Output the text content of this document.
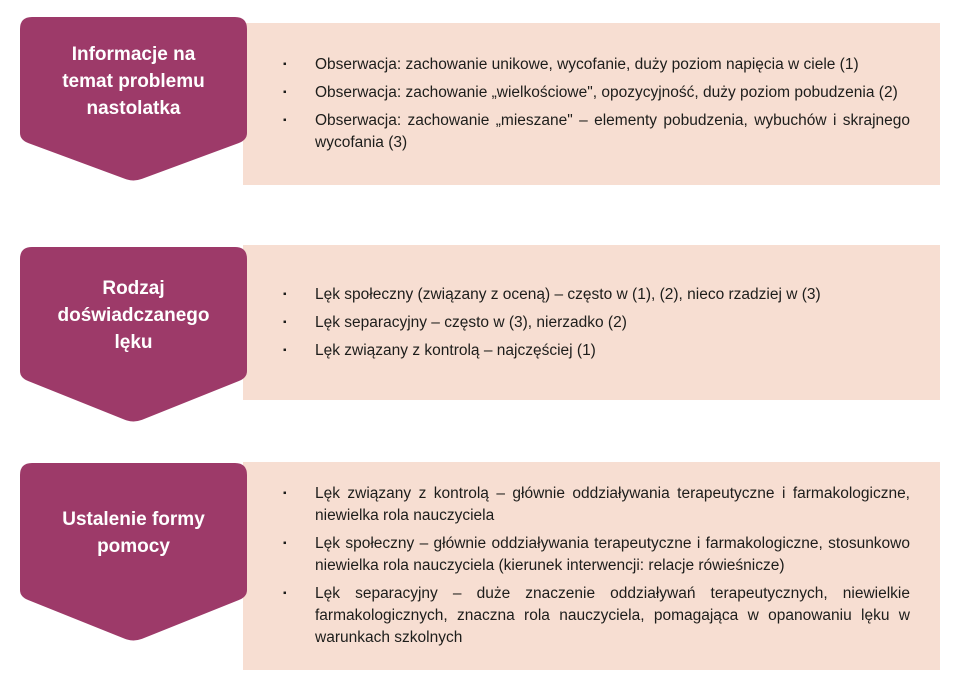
▪	Obserwacja: zachowanie unikowe, wycofanie, duży poziom napięcia w ciele (1)

▪	Obserwacja: zachowanie „wielkościowe", opozycyjność, duży poziom pobudzenia (2)

▪	Obserwacja: zachowanie „mieszane" – elementy pobudzenia, wybuchów i skrajnego wycofania (3)

Informacje na temat problemu nastolatka
▪	Lęk społeczny (związany z oceną) – często w (1), (2), nieco rzadziej w (3)

▪	Lęk separacyjny – często w (3), nierzadko (2)

▪	Lęk związany z kontrolą – najczęściej (1)

Rodzaj doświadczanego lęku
▪	Lęk związany z kontrolą – głównie oddziaływania terapeutyczne i farmakologiczne, niewielka rola nauczyciela

▪	Lęk społeczny – głównie oddziaływania terapeutyczne i farmakologiczne, stosunkowo niewielka rola nauczyciela (kierunek interwencji: relacje rówieśnicze)

▪	Lęk separacyjny – duże znaczenie oddziaływań terapeutycznych, niewielkie farmakologicznych, znaczna rola nauczyciela, pomagająca w opanowaniu lęku w warunkach szkolnych

Ustalenie formy pomocy
